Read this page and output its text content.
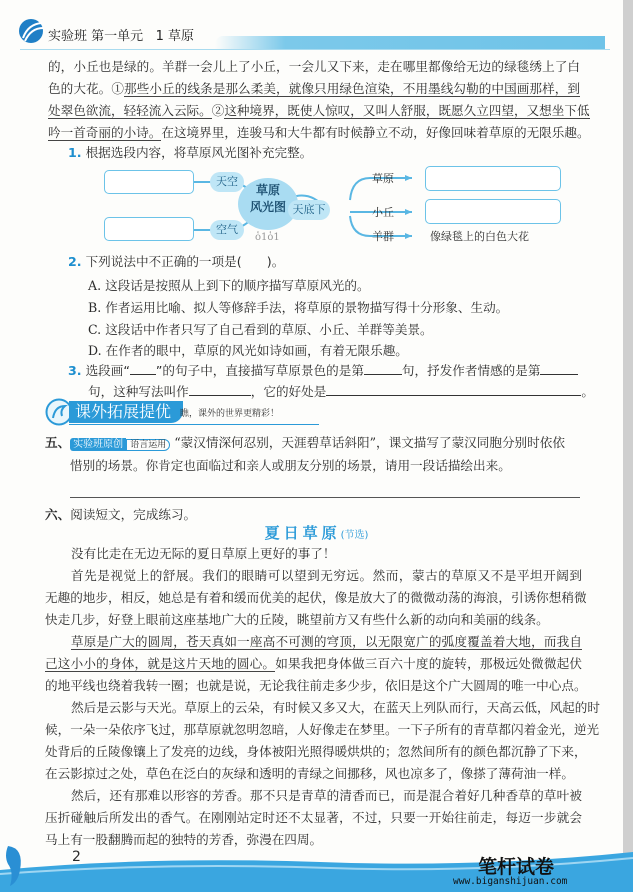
实验班 第一单元 1 草原
的，小丘也是绿的。羊群一会儿上了小丘，一会儿又下来，走在哪里都像给无边的绿毯绣上了白
色的大花。①那些小丘的线条是那么柔美，就像只用绿色渲染，不用墨线勾勒的中国画那样，到
处翠色欲流，轻轻流入云际。②这种境界，既使人惊叹，又叫人舒服，既愿久立四望，又想坐下低
吟一首奇丽的小诗。在这境界里，连骏马和大牛都有时候静立不动，好像回味着草原的无限乐趣。
1. 根据选段内容，将草原风光图补充完整。
天空
空气
草原
风光图
ὁ1ὁ1
天底下
草原
小丘
羊群	像绿毯上的白色大花
2. 下列说法中不正确的一项是(　　)。
A. 这段话是按照从上到下的顺序描写草原风光的。
B. 作者运用比喻、拟人等修辞手法，将草原的景物描写得十分形象、生动。
C. 这段话中作者只写了自己看到的草原、小丘、羊群等美景。
D. 在作者的眼中，草原的风光如诗如画，有着无限乐趣。
3. 选段画“ ”的句子中，直接描写草原景色的是第	句，抒发作者情感的是第
句，这种写法叫作	，它的好处是	。
课外拓展提优 瞧，课外的世界更精彩！
五、 实验班原创 语言运用 “蒙汉情深何忍别，天涯碧草话斜阳”，课文描写了蒙汉同胞分别时依依
惜别的场景。你肯定也面临过和亲人或朋友分别的场景，请用一段话描绘出来。
六、阅读短文，完成练习。
夏日草原(节选)
没有比走在无边无际的夏日草原上更好的事了！
首先是视觉上的舒展。我们的眼睛可以望到无穷远。然而，蒙古的草原又不是平坦开阔到
无趣的地步，相反，她总是有着和缓而优美的起伏，像是放大了的微微动荡的海浪，引诱你想稍微
快走几步，好登上眼前这座基地广大的丘陵，眺望前方又有些什么新的动向和美丽的线条。
草原是广大的圆周，苍天真如一座高不可测的穹顶，以无限宽广的弧度覆盖着大地，而我自
己这小小的身体，就是这片天地的圆心。如果我把身体做三百六十度的旋转，那极远处微微起伏
的地平线也绕着我转一圈；也就是说，无论我往前走多少步，依旧是这个广大圆周的唯一中心点。
然后是云影与天光。草原上的云朵，有时候又多又大，在蓝天上列队而行，天高云低，风起的时
候，一朵一朵依序飞过，那草原就忽明忽暗，人好像走在梦里。一下子所有的青草都闪着金光，逆光
处背后的丘陵像镶上了发亮的边线，身体被阳光照得暖烘烘的；忽然间所有的颜色都沉静了下来，
在云影掠过之处，草色在泛白的灰绿和透明的青绿之间挪移，风也凉多了，像搽了薄荷油一样。
然后，还有那难以形容的芳香。那不只是青草的清香而已，而是混合着好几种香草的草叶被
压折碰触后所发出的香气。在刚刚站定时还不太显著，不过，只要一开始往前走，每迈一步就会
马上有一股翻腾而起的独特的芳香，弥漫在四周。
2	笔杆试卷
www.biganshijuan.com
